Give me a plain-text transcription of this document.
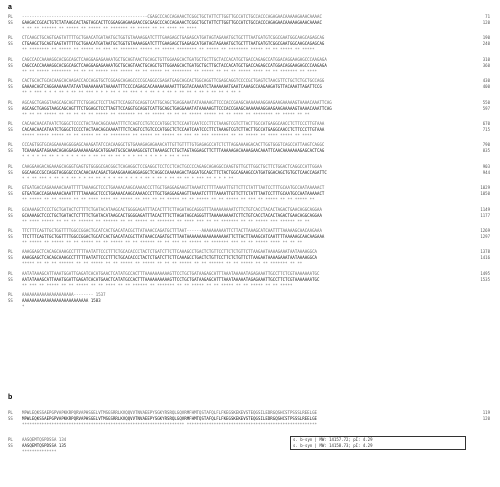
a
PL ---------------------------------------------------CGAGCCCACCAGAAACTCGGCTGCTATTCTTGGTTGCCATCTGCCACCCAGAGAACAAAAAGAAACAAAAC	71
SS GAAGACCGCACTGTCTATAAGCACTAGTAGCACTTCGGAGGAGAAGAACCGCGAGCCCACCAGAAACTCGGCTGCTATTCTTGGTTGCCATCTGCCACCCAGAGAACAAAAAGAAACAAAAC	120
* ** ** ****** ** ***** ** ***** ** ******* ** ***** ** ** **** ** ****
PL CTCAAGCTGCAGTGAGTATTTTGCTGAACATGATAATGCTGGTGTAAAAGGATCTTTGAAGAGCTGAGAGCATGATAGTAGAAATGCTGCTTTAATGATGTCGGCGAATGGCAAGCAGAGCAG	190
SS CTGAAGCTGCAGTGAGTATTTTGCTGAACATGATAATGCTGGTGTAAAAGGATCTTTGAAGAGCTGAGAGCATGATAGTAGAAATGCTGCTTTAATGATGTCGGCGAATGGCAAGCAGAGCAG	240
** ******** ** ***** ** ***** ** *** ** ******* ***** ** ***** ******** ** ***** ** ******** ***** ** ** ***** ** *****
PL CAGCCACCAAAAGGCACGGCAGCTCAAGGAGAGAAAATGCTGCAGTAACTGCAGCTGTTGGAAGCACTGATGCTGCTTGCTACCACATGCTGACCAGAGCCATGGACAGGAAGAGCCCAAGAGA	310
SS CAGCCACCAAAAGGCACGGCAGCTCAAGGAGAGAAAATGCTGCAGTAACTGCAGCTGTTGGAAGCACTGATGCTGCTTGCTACCACATGCTGACCAGAGCCATGGACAGGAAGAGCCCAAGAGA	360
** ** ***** ******** ** ** ** ***** *** ***** ** ** ***** ** ******** ** ***** ** ** ** ***** **** ** ** ******* ** ****
PL CACTGCACTGCACAAGCACAAGACCACCAGGTGCTCGGAGCAGAGCCCCGCAGGCCGAGATGAGCAGCACTGGCAGGTTCGAGCAGGTCCCCGCTGAGTCTAACGTTCTGCTCTGCTGCCAGG	430
SS GAAAACAGTCAGGAAAAAATATAATAAAAAAAATAAAAATTTCCCCAGAGCACAAAAAAAAATTTGGTACAAAATCTAAAAAAATGAATCAAAGCCAAGAAGATGTTACAAATTAGATTCCG	400
** * *** * * * ** * ** ** *** * * * ** * ** *** * * ** * * ** * ** ** * ** * ** ** * ** *
PL AGCAGCTGAGGTAAGCAGCAGTTTCTGGAGCTCCTTAGTTCCAGGTGCAGGTCATTGCAGCTGAGGAAATATAAAAAGTTCCCACCGAAGCAAAAAAAGGAAGAAGAAAAAGTAAAACAAATTCAG	550
SS AGCAGCTGAGGTAAGCAGCAGTTTCTGGAGCTCCTTAGTTCCAGGTGCAGGTCATTGCAGCTGAGGAAATATAAAAAGTTCCCACCGAAGCAAAAAAAGGAAGAAGAAAAAGTAAAACAAATTCAG	597
** ** ** ***** ** ** ** ** ** ***** ** ******* ** ** ***** ** ** ** ***** ***** ** ** **** ** ******** ** ***** ** **
PL CACAACAACATAATCTGGGCTCCCCTACTAACAGCAAAATTTCTCAGTCCTGTCCCATGGCTCTCCAATCAATCCCTTCTAAAGTCGTCTTACTTGCCATGAGGCAACCTCTTCCCTTGTAAA	670
SS CACAACAACATAATCTGGGCTCCCCTACTAACAGCAAAATTTCTCAGTCCTGTCCCATGGCTCTCCAATCAATCCCTTCTAAAGTCGTCTTACTTGCCATGAGGCAACCTCTTCCCTTGTAAA	715
***** ***** ***** ** ** ***** ** ** ******** ** ***** ** ***** ** *** ** *** ******* ** ** ***** ** **** ***** ** ****
PL CCCAGTGGTGCAGGAAAAGGGGAGCAAAGATATCCACAAGGCTGTGAAAGAGAGAAACATTGTTGTTTTGTGAGAGCCATCTCTTAGGAAAAGACACTTGGTGGGTCAGCCATTAAGTCAGGC	790
SS TCAAAAGATAGAAACAGAGGAGAAAAAAGAGCATGGAATGCGCAAAAGGCGTCTAAAAGCTCTGCTAGTAGGAGCTTCTTTAAAAAGACAAAAGAACAAATTCAACAAAAAAAGAGCACTCAG	835
* * * * ** ** * * * * * ** * ** ** ** ** * * * ** * * * * * ** * ***
PL CAAGGAAGACAGAAAGCAGGGTGAGTGTGGGGCGACGGCTCAGAGGCTCCGAGGCTCCTCCTCACTGCCCCAGAGCAGAGGCCAAGTGTTGCTTGGCTGCTTCTGGACTCAGGCCATTGGAA	903
SS GGCAAGCCGCCAGGTAGGGGCCCACAACAACAGACTGAAGGAAAGAGGAGGCTCAGGCCAAAAAGACTAGGATGCAGCTTCTACTGGCAGAAGCCATGATGGACAGCTGTGCTCAACCAGATTC	944
* * ** *** * ** * * ** * * ** ** * * * ** * * * * ** * ** * ** ** ** * *** ** * * * **
PL GTGATGACCAGAAAAACAAATTTTTAAAAGCTCCCTGAAAACAAGCAAAACCCTTGCTGAGGAGAAGTTAAAATCTTTTAAAATTGTTCTTCTATTTAATCCTTTGCAATGCCAATAAAAACT	1029
SS GTGATGACCAGAAAAACAAATTTTTAAAAGCTCCCTGAAAACAAGCAAAACCCTTGCTGAGGAGAAGTTAAAATCTTTTAAAATTGTTCTTCTATTTAATCCTTTGCAATGCCAATAAAAACT	1050
** ***** ** ** ***** ** ** **** **** ** ***** ** *** ** ** ***** ** ** ***** ** ** ***** ** *** ** ***** ** ** ***** **
PL GCAAAAGCTCCCTGCTGATACTCTTTTCTGATACATAAGCACTGGGGAGATTTACACTTTCTTAGATAGCAGGGTTTAAAAAAAAATCTTCTGTCACCTACACTAGACTGAACAGGCAGGAA	1149
SS GCAAAAGCTCCCTGCTGATACTCTTTTCTGATACATAAGCACTGGGGAGATTTACACTTTCTTAGATAGCAGGGTTTAAAAAAAAATCTTCTGTCACCTACACTAGACTGAACAGGCAGGAA	1177
** **** ***** ** ** ** ****** ** ****** ** ** ***** ** ******* ** **** *** ** ** ******* ** ** ***** *** ****** ** **
PL TTCTTTCAGTTGCTGGTTTTGGCCGGACTGCATCACTGACATACGCTTATAAACCAGATGCTTTAAT------AAAAAAAAAATTCTTACTTAAAGCATCAATTTTAAAAAGCAACAAGAAA	1269
SS TTCTTTCAGTTGCTGGTTTTGGCCGGACTGCATCACTGACATACGCTTATAAACCAGATGCTTTAATAAAAAAAAAAAAAAAAATTCTTACTTAAAGCATCAATTTTAAAAAGCAACAAGAAA	1297
** ***** ** ***** ** ** ***** ** ** ***** ** ** ****** ** ** *** ** ***** ** ******* *** ** ** ***** **** ** ** **
PL AAAGGAGCTCACAGCAAAGCCTTTTTAATATTCCCTTTCTGCACACCCTACTCTGATCTTCTTCAAAGCCTGACTCTGTTCCTTCTCTGTTCTTAAGAATAAAAGAAATAATAAAAGGCA	1378
SS AAAGGAGCTCACAGCAAAGCCTTTTTAATATTCCCTTTCTGCACACCCTACTCTGATCTTCTTCAAAGCCTGACTCTGTTCCTTCTCTGTTCTTAAGAATAAAAGAAATAATAAAAGGCA	1416
***** ** ** ** ****** ** ** ***** ** ** ***** ** ***** ** ** ** ***** ** ** ****** ** ** ***** ** ** ******* ** **
PL AATATAAAGCATTAAATGGATTGAGATCACATGAACTCATATGCCACTTTAAAAAAAAAAGTTCCTGCTGATAAGAGCATTTAAATAAAAATAGAGAAATTGCCTTCTCGTAAAAAAATGC	1495
SS AATATAAAGCATTAAATGGATTGAGATCACATGAACTCATATGCCACTTTAAAAAAAAAAGTTCCTGCTGATAAGAGCATTTAAATAAAAATAGAGAAATTGCCTTCTCGTAAAAAAATGC	1535
** *** ** ***** ** ** ***** ** ** **** ** ** ****** ** ******* ** ** ***** ** ** ***** ** ** ***** ** ** *****
PL AAAAAAAAAAAAAAAAAAAAA-------- 1537
SS AAAAAAAAAAAAAAAAAAAAAAAAAAA 1583
*
b
PL MPWLEQKSSAEPGPVAPKKRPQRVAPHSGELVTMSGSRRLKVQQVVTNVAEEPYSGKYRSRQLGQVRMFHMTQSTAFQLFLFKEGSKEKEVSTEQGSILEDRGQSHCSTPSSSLREELGE	119
SS MPWLEQKSSAEPGPVAPKKRPQRVAPHSGELVTMSGSRRLKVQQVVTNVAEEPYSGKYRSRQLGQVRMFHMTQSTAFQLFLFKEGSKEKEVSTEQGSILEDRGQSHCSTPSSSLREELGE	120
****************************************************************** *****************************************************
PL AASQEMTQSPDSSA 134
SS AASQEMTQSPDSSA 135
**************
s. b-syn | MW: 14157.72; pI: 4.29
s. b-syn | MW: 14158.73; pI: 4.29
